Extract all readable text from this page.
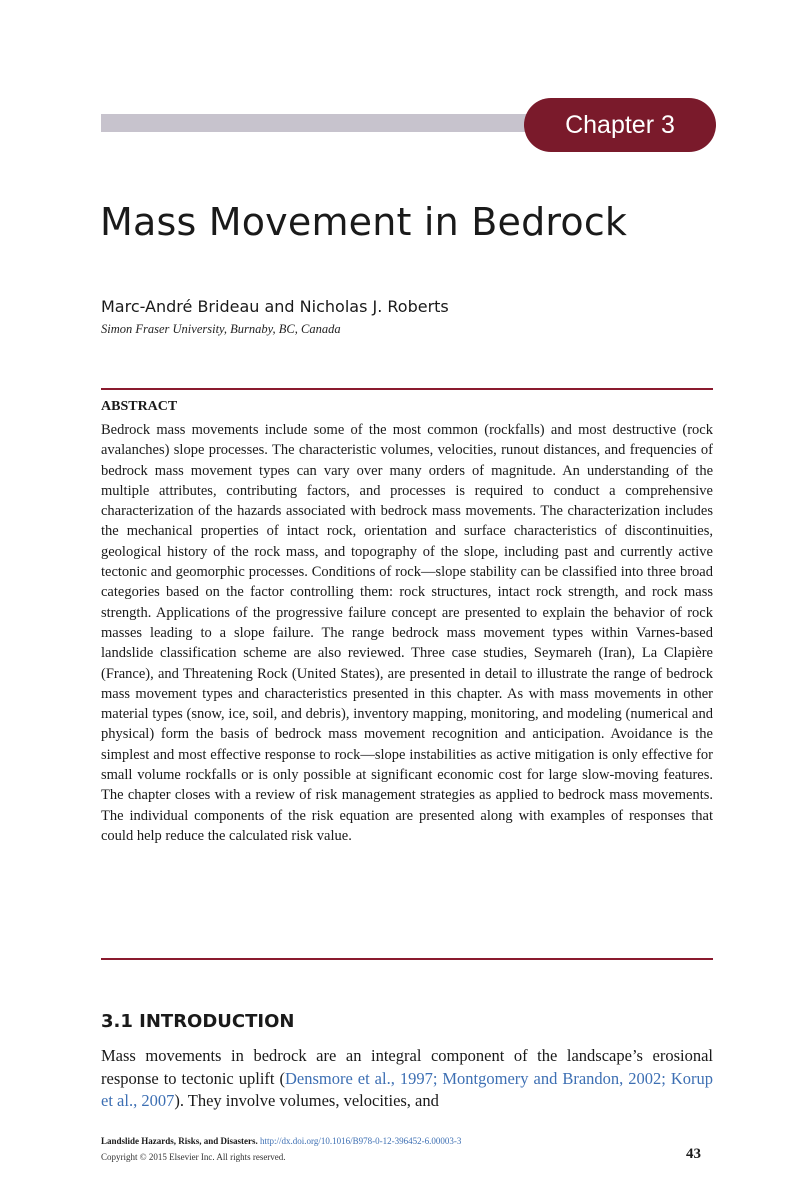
Chapter 3
Mass Movement in Bedrock
Marc-André Brideau and Nicholas J. Roberts
Simon Fraser University, Burnaby, BC, Canada
ABSTRACT

Bedrock mass movements include some of the most common (rockfalls) and most destructive (rock avalanches) slope processes. The characteristic volumes, velocities, runout distances, and frequencies of bedrock mass movement types can vary over many orders of magnitude. An understanding of the multiple attributes, contributing factors, and processes is required to conduct a comprehensive characterization of the hazards associated with bedrock mass movements. The characterization includes the mechanical properties of intact rock, orientation and surface characteristics of discontinuities, geological history of the rock mass, and topography of the slope, including past and currently active tectonic and geomorphic processes. Conditions of rock—slope stability can be classified into three broad categories based on the factor controlling them: rock structures, intact rock strength, and rock mass strength. Applications of the progressive failure concept are presented to explain the behavior of rock masses leading to a slope failure. The range bedrock mass movement types within Varnes-based landslide classification scheme are also reviewed. Three case studies, Seymareh (Iran), La Clapière (France), and Threatening Rock (United States), are presented in detail to illustrate the range of bedrock mass movement types and characteristics presented in this chapter. As with mass movements in other material types (snow, ice, soil, and debris), inventory mapping, monitoring, and modeling (numerical and physical) form the basis of bedrock mass movement recognition and anticipation. Avoidance is the simplest and most effective response to rock—slope instabilities as active mitigation is only effective for small volume rockfalls or is only possible at significant economic cost for large slow-moving features. The chapter closes with a review of risk management strategies as applied to bedrock mass movements. The individual components of the risk equation are presented along with examples of responses that could help reduce the calculated risk value.

3.1 INTRODUCTION

Mass movements in bedrock are an integral component of the landscape’s erosional response to tectonic uplift (Densmore et al., 1997; Montgomery and Brandon, 2002; Korup et al., 2007). They involve volumes, velocities, and

Landslide Hazards, Risks, and Disasters. http://dx.doi.org/10.1016/B978-0-12-396452-6.00003-3
Copyright © 2015 Elsevier Inc. All rights reserved.	43
